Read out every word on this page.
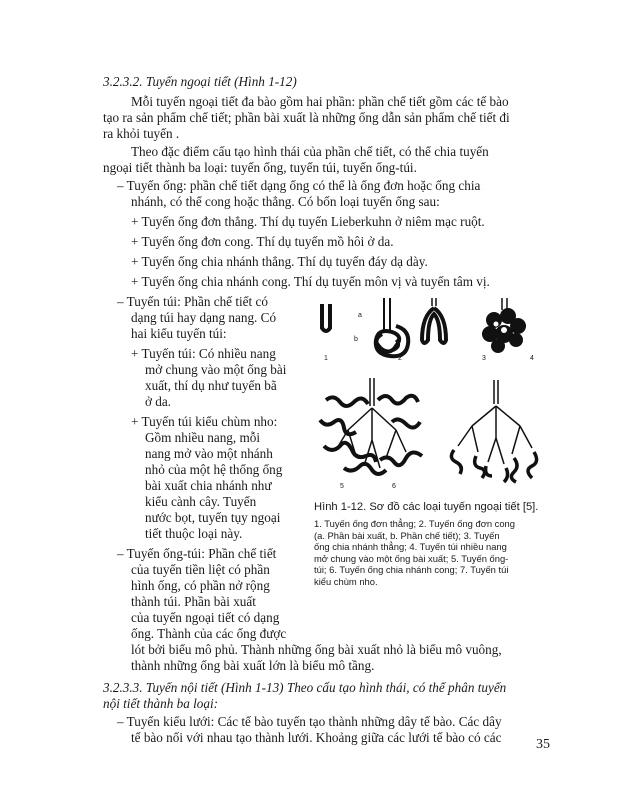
3.2.3.2. Tuyến ngoại tiết (Hình 1-12)
Mỗi tuyến ngoại tiết đa bào gồm hai phần: phần chế tiết gồm các tế bào
tạo ra sản phẩm chế tiết; phần bài xuất là những ống dẫn sản phẩm chế tiết đi
ra khỏi tuyến .
Theo đặc điểm cấu tạo hình thái của phần chế tiết, có thể chia tuyến
ngoại tiết thành ba loại: tuyến ống, tuyến túi, tuyến ống-túi.
– Tuyến ống: phần chế tiết dạng ống có thể là ống đơn hoặc ống chia
nhánh, có thể cong hoặc thẳng. Có bốn loại tuyến ống sau:
+ Tuyến ống đơn thẳng. Thí dụ tuyến Lieberkuhn ở niêm mạc ruột.
+ Tuyến ống đơn cong. Thí dụ tuyến mồ hôi ở da.
+ Tuyến ống chia nhánh thẳng. Thí dụ tuyến đáy dạ dày.
+ Tuyến ống chia nhánh cong. Thí dụ tuyến môn vị và tuyến tâm vị.
– Tuyến túi: Phần chế tiết có
dạng túi hay dạng nang. Có
hai kiểu tuyến túi:
+ Tuyến túi: Có nhiều nang
mở chung vào một ống bài
xuất, thí dụ như tuyến bã
ở da.
+ Tuyến túi kiểu chùm nho:
Gồm nhiều nang, mỗi
nang mở vào một nhánh
nhỏ của một hệ thống ống
bài xuất chia nhánh như
kiểu cành cây. Tuyến
nước bọt, tuyến tụy ngoại
tiết thuộc loại này.
– Tuyến ống-túi: Phần chế tiết
của tuyến tiền liệt có phần
hình ống, có phần nở rộng
thành túi. Phần bài xuất
của tuyến ngoại tiết có dạng
ống. Thành của các ống được
lót bởi biểu mô phủ. Thành những ống bài xuất nhỏ là biểu mô vuông,
thành những ống bài xuất lớn là biểu mô tầng.
1	2	3	4
a
b
5	6
Hình 1-12. Sơ đồ các loại tuyến ngoại tiết [5].
1. Tuyến ống đơn thẳng; 2. Tuyến ống đơn cong
(a. Phần bài xuất, b. Phần chế tiết); 3. Tuyến
ống chia nhánh thẳng; 4. Tuyến túi nhiều nang
mở chung vào một ống bài xuất; 5. Tuyến ống-
túi; 6. Tuyến ống chia nhánh cong; 7. Tuyến túi
kiểu chùm nho.
3.2.3.3. Tuyến nội tiết (Hình 1-13) Theo cấu tạo hình thái, có thể phân tuyến
nội tiết thành ba loại:
– Tuyến kiểu lưới: Các tế bào tuyến tạo thành những dây tế bào. Các dây
tế bào nối với nhau tạo thành lưới. Khoảng giữa các lưới tế bào có các 35
